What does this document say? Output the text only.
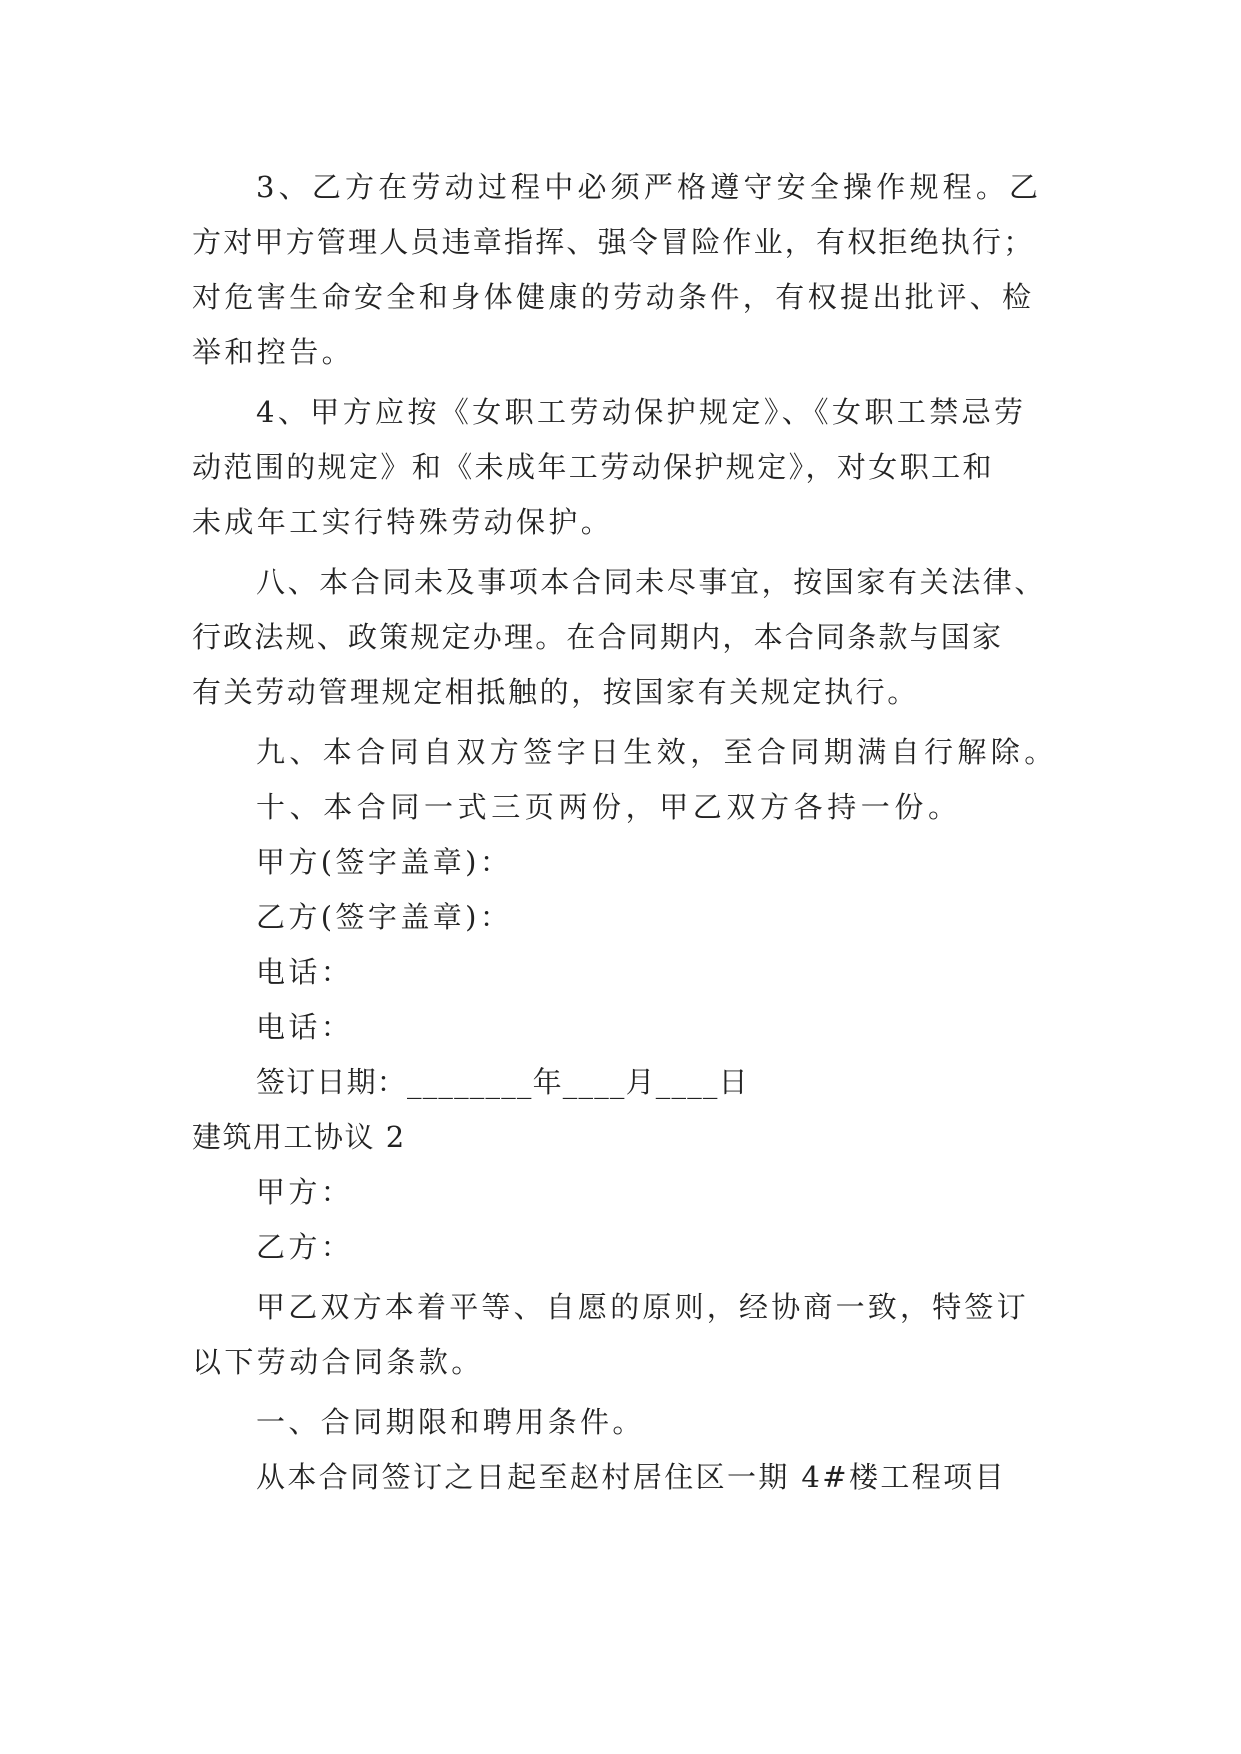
3、乙方在劳动过程中必须严格遵守安全操作规程。乙

方对甲方管理人员违章指挥、强令冒险作业，有权拒绝执行；

对危害生命安全和身体健康的劳动条件，有权提出批评、检

举和控告。

4、甲方应按《女职工劳动保护规定》、《女职工禁忌劳

动范围的规定》和《未成年工劳动保护规定》，对女职工和

未成年工实行特殊劳动保护。

八、本合同未及事项本合同未尽事宜，按国家有关法律、

行政法规、政策规定办理。在合同期内，本合同条款与国家

有关劳动管理规定相抵触的，按国家有关规定执行。

九、本合同自双方签字日生效，至合同期满自行解除。

十、本合同一式三页两份，甲乙双方各持一份。

甲方(签字盖章)：

乙方(签字盖章)：

电话：

电话：

签订日期：________年____月____日

建筑用工协议 2

甲方：

乙方：

甲乙双方本着平等、自愿的原则，经协商一致，特签订

以下劳动合同条款。

一、合同期限和聘用条件。

从本合同签订之日起至赵村居住区一期 4#楼工程项目
